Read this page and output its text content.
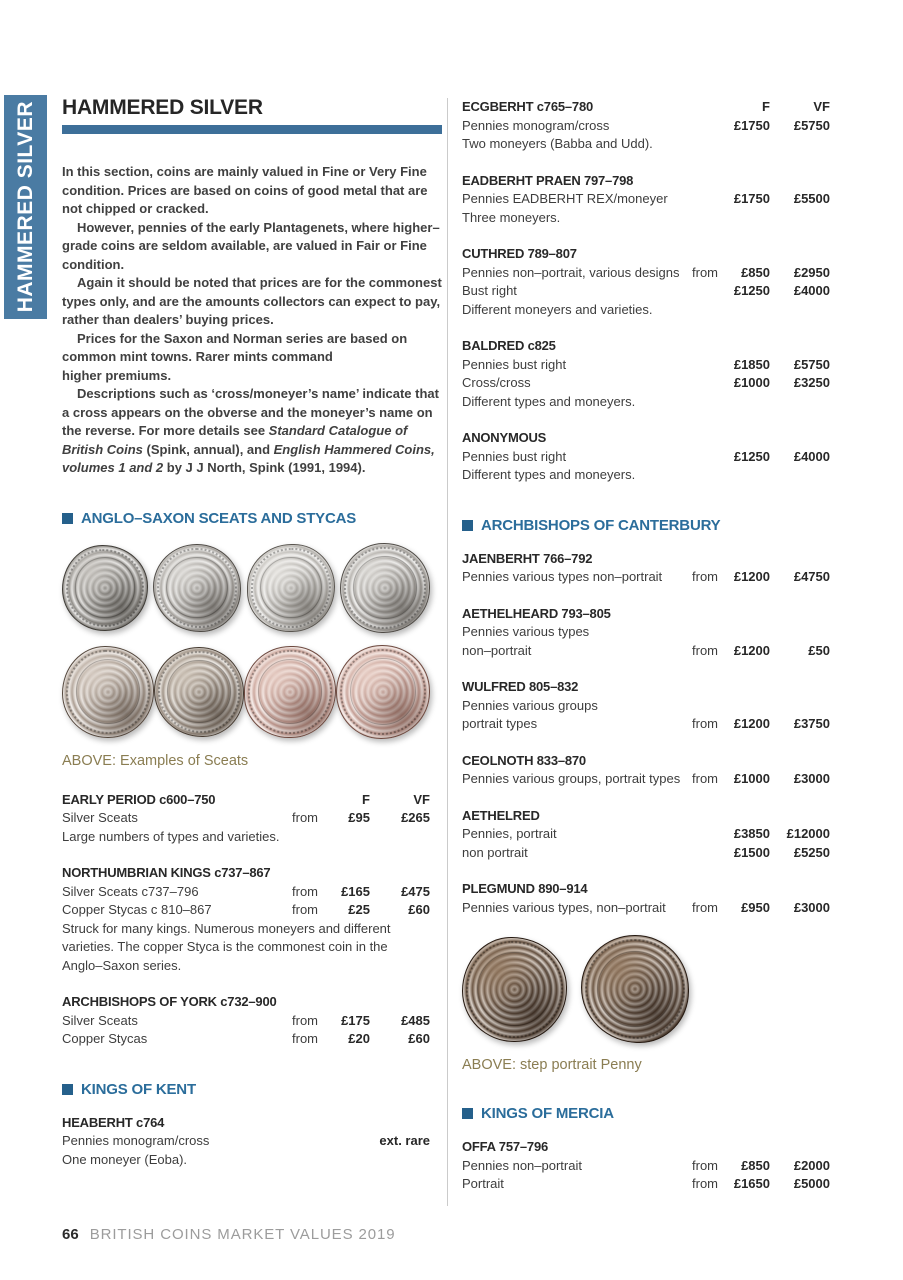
HAMMERED SILVER HAMMERED SILVER

In this section, coins are mainly valued in Fine or Very Fine condition. Prices are based on coins of good metal that are not chipped or cracked.

However, pennies of the early Plantagenets, where higher–grade coins are seldom available, are valued in Fair or Fine condition.

Again it should be noted that prices are for the commonest types only, and are the amounts collectors can expect to pay, rather than dealers’ buying prices.

Prices for the Saxon and Norman series are based on common mint towns. Rarer mints command
higher premiums.

Descriptions such as ‘cross/moneyer’s name’ indicate that a cross appears on the obverse and the moneyer’s name on the reverse. For more details see Standard Catalogue of British Coins (Spink, annual), and English Hammered Coins, volumes 1 and 2 by J J North, Spink (1991, 1994).

ANGLO–SAXON SCEATS AND STYCAS
ABOVE: Examples of Sceats
EARLY PERIOD c600–750	F	VF
Silver Sceats	from	£95	£265

Large numbers of types and varieties.

NORTHUMBRIAN KINGS c737–867
Silver Sceats c737–796	from	£165	£475
Copper Stycas c 810–867	from	£25	£60

Struck for many kings. Numerous moneyers and different varieties. The copper Styca is the commonest coin in the Anglo–Saxon series.

ARCHBISHOPS OF YORK c732–900
Silver Sceats	from	£175	£485
Copper Stycas	from	£20	£60
KINGS OF KENT
HEABERHT c764
Pennies monogram/cross	ext. rare

One moneyer (Eoba).

ECGBERHT c765–780	F	VF
Pennies monogram/cross	£1750	£5750

Two moneyers (Babba and Udd).

EADBERHT PRAEN 797–798
Pennies EADBERHT REX/moneyer	£1750	£5500

Three moneyers.

CUTHRED 789–807
Pennies non–portrait, various designs from	£850	£2950
Bust right	£1250	£4000

Different moneyers and varieties.

BALDRED c825
Pennies bust right	£1850	£5750
Cross/cross	£1000	£3250

Different types and moneyers.

ANONYMOUS
Pennies bust right	£1250	£4000

Different types and moneyers.

ARCHBISHOPS OF CANTERBURY
JAENBERHT 766–792
Pennies various types non–portrait	from	£1200	£4750
AETHELHEARD 793–805
Pennies various types
non–portrait	from	£1200	£50
WULFRED 805–832
Pennies various groups
portrait types	from	£1200	£3750
CEOLNOTH 833–870
Pennies various groups, portrait types from	£1000	£3000
AETHELRED
Pennies, portrait	£3850	£12000
non portrait	£1500	£5250
PLEGMUND 890–914
Pennies various types, non–portrait	from	£950	£3000
ABOVE: step portrait Penny
KINGS OF MERCIA
OFFA 757–796
Pennies non–portrait	from	£850	£2000
Portrait	from	£1650	£5000
66 BRITISH COINS MARKET VALUES 2019
